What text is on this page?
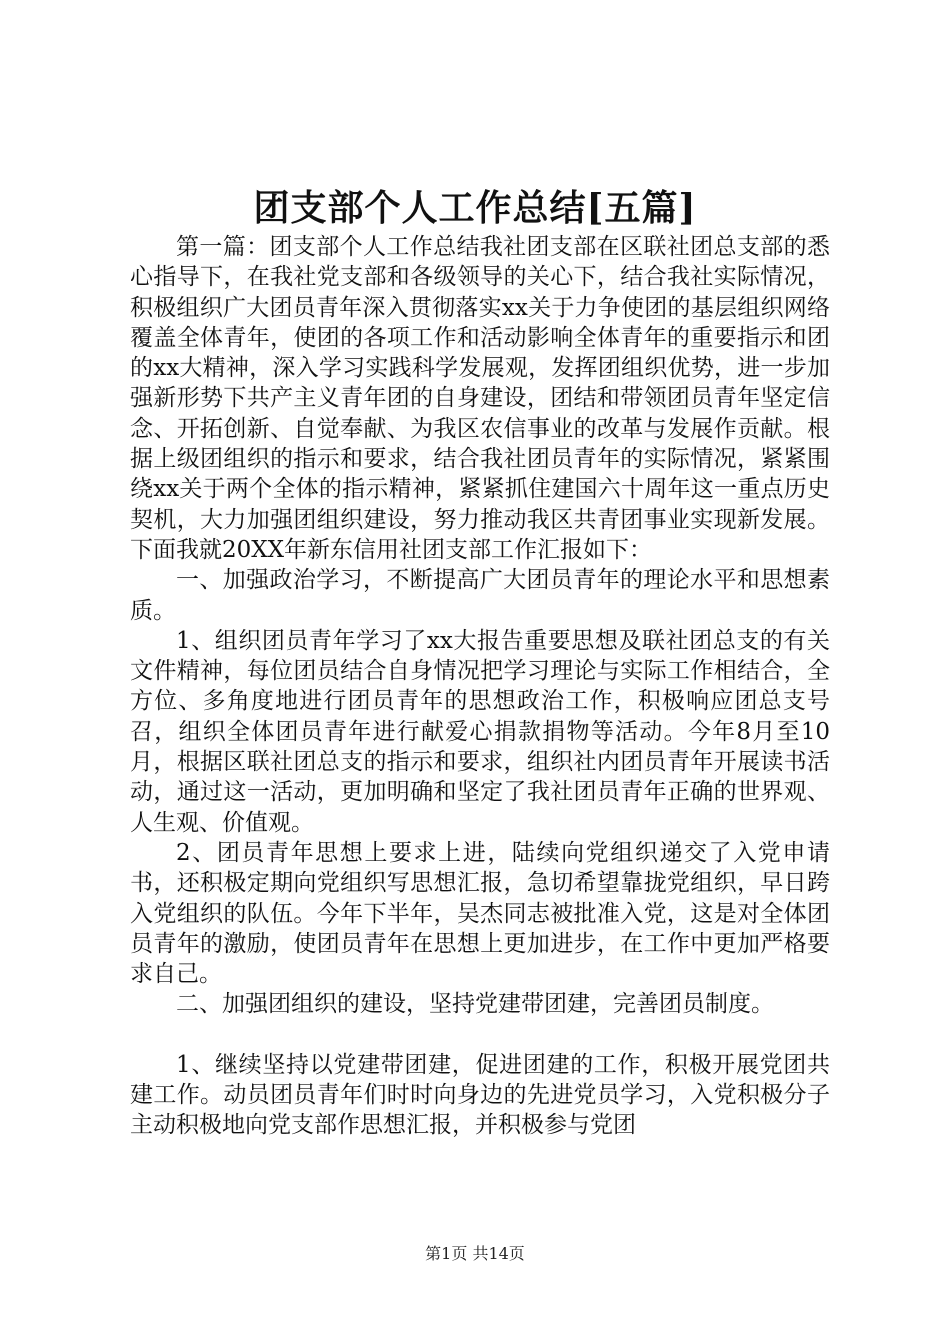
团支部个人工作总结[五篇]

第一篇：团支部个人工作总结我社团支部在区联社团总支部的悉心指导下，在我社党支部和各级领导的关心下，结合我社实际情况，积极组织广大团员青年深入贯彻落实xx关于力争使团的基层组织网络覆盖全体青年，使团的各项工作和活动影响全体青年的重要指示和团的xx大精神，深入学习实践科学发展观，发挥团组织优势，进一步加强新形势下共产主义青年团的自身建设，团结和带领团员青年坚定信念、开拓创新、自觉奉献、为我区农信事业的改革与发展作贡献。根据上级团组织的指示和要求，结合我社团员青年的实际情况，紧紧围绕xx关于两个全体的指示精神，紧紧抓住建国六十周年这一重点历史契机，大力加强团组织建设，努力推动我区共青团事业实现新发展。下面我就20XX年新东信用社团支部工作汇报如下：

一、加强政治学习，不断提高广大团员青年的理论水平和思想素质。

1、组织团员青年学习了xx大报告重要思想及联社团总支的有关文件精神，每位团员结合自身情况把学习理论与实际工作相结合，全方位、多角度地进行团员青年的思想政治工作，积极响应团总支号召，组织全体团员青年进行献爱心捐款捐物等活动。今年8月至10月，根据区联社团总支的指示和要求，组织社内团员青年开展读书活动，通过这一活动，更加明确和坚定了我社团员青年正确的世界观、人生观、价值观。

2、团员青年思想上要求上进，陆续向党组织递交了入党申请书，还积极定期向党组织写思想汇报，急切希望靠拢党组织，早日跨入党组织的队伍。今年下半年，吴杰同志被批准入党，这是对全体团员青年的激励，使团员青年在思想上更加进步，在工作中更加严格要求自己。

二、加强团组织的建设，坚持党建带团建，完善团员制度。

1、继续坚持以党建带团建，促进团建的工作，积极开展党团共建工作。动员团员青年们时时向身边的先进党员学习，入党积极分子主动积极地向党支部作思想汇报，并积极参与党团

第1页 共14页
